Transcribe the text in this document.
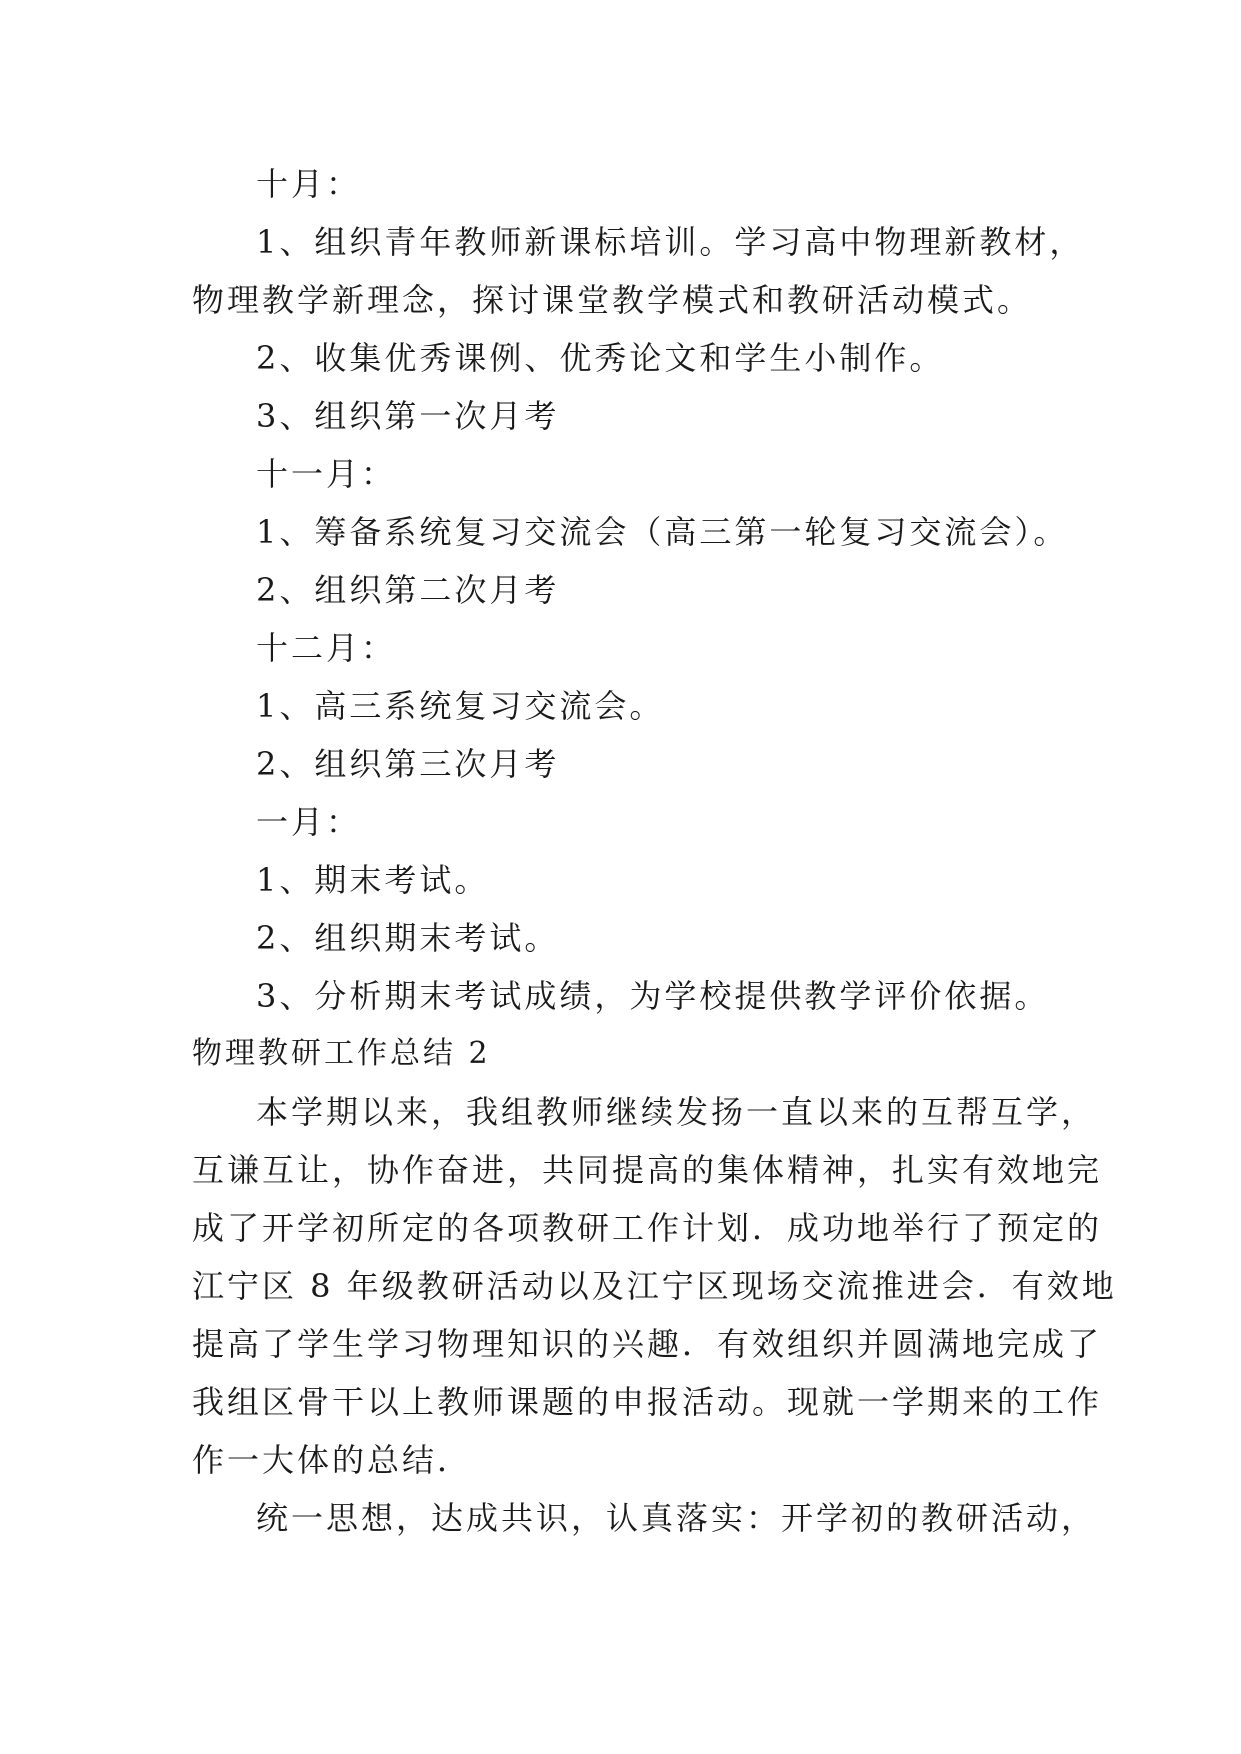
十月：
1、组织青年教师新课标培训。学习高中物理新教材，
物理教学新理念，探讨课堂教学模式和教研活动模式。
2、收集优秀课例、优秀论文和学生小制作。
3、组织第一次月考
十一月：
1、筹备系统复习交流会（高三第一轮复习交流会）。
2、组织第二次月考
十二月：
1、高三系统复习交流会。
2、组织第三次月考
一月：
1、期末考试。
2、组织期末考试。
3、分析期末考试成绩，为学校提供教学评价依据。
物理教研工作总结 2
本学期以来，我组教师继续发扬一直以来的互帮互学，
互谦互让，协作奋进，共同提高的集体精神，扎实有效地完
成了开学初所定的各项教研工作计划．成功地举行了预定的
江宁区 8 年级教研活动以及江宁区现场交流推进会．有效地
提高了学生学习物理知识的兴趣．有效组织并圆满地完成了
我组区骨干以上教师课题的申报活动。现就一学期来的工作
作一大体的总结．
统一思想，达成共识，认真落实：开学初的教研活动，
